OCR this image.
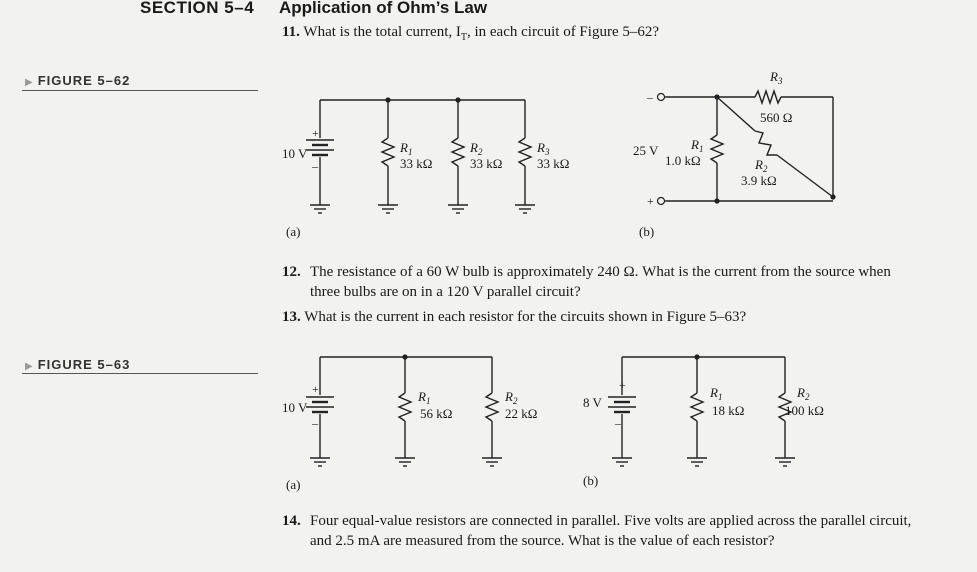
SECTION 5–4 Application of Ohm’s Law
11. What is the total current, $I_T$, in each circuit of Figure 5–62?
▶ FIGURE 5–62
+
–
10 V	$R_1$
33 kΩ
$R_2$
33 kΩ
$R_3$
33 kΩ
(a)
–
+
25 V	$R_1$
1.0 kΩ	$R_2$
3.9 kΩ
$R_3$
560 Ω
(b)
12. The resistance of a 60 W bulb is approximately 240 Ω. What is the current from the source when three bulbs are on in a 120 V parallel circuit?
13. What is the current in each resistor for the circuits shown in Figure 5–63?
▶ FIGURE 5–63
+
–
10 V
$R_1$
56 kΩ
$R_2$
22 kΩ
(a)
+
–
8 V
$R_1$
18 kΩ
$R_2$
100 kΩ
(b)
14. Four equal-value resistors are connected in parallel. Five volts are applied across the parallel circuit, and 2.5 mA are measured from the source. What is the value of each resistor?
